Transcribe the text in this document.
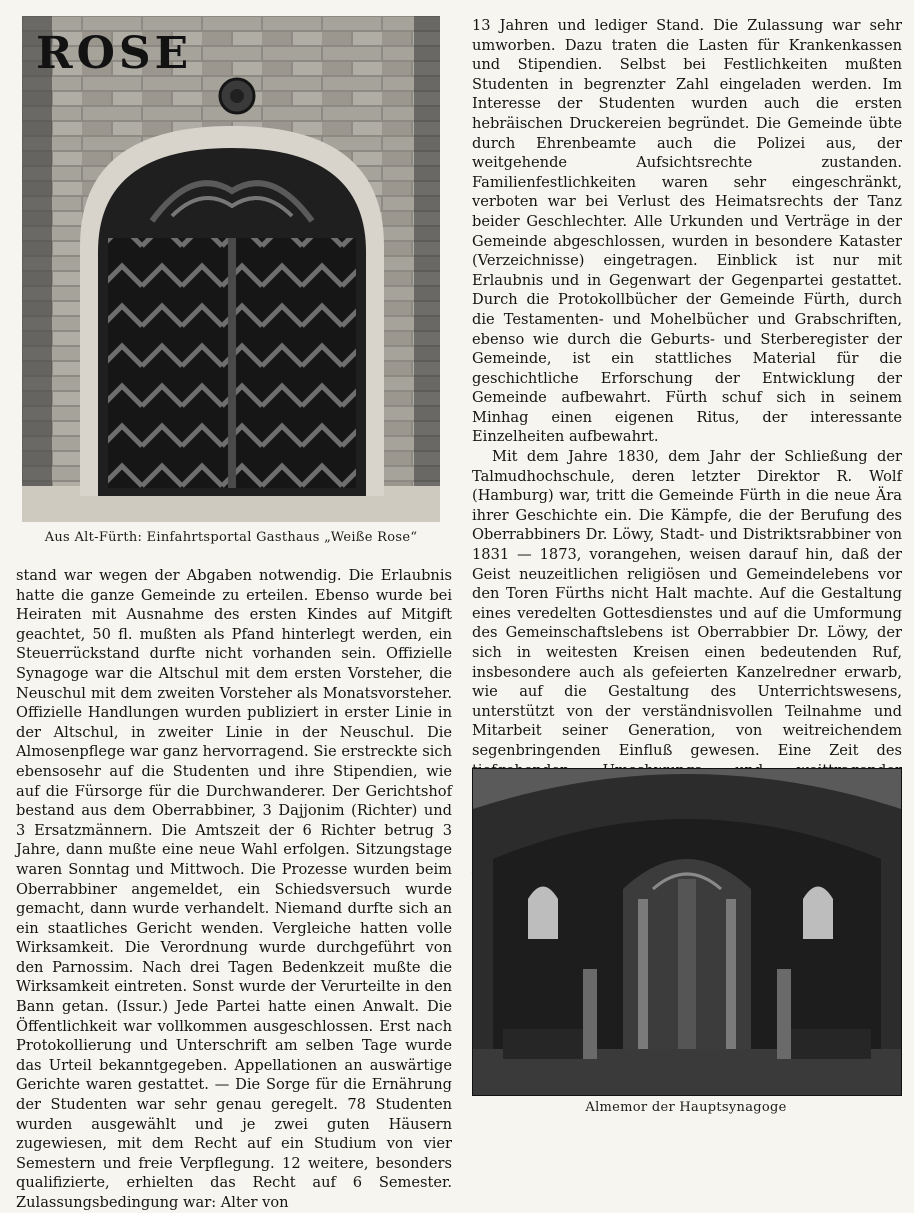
ROSE
Aus Alt-Fürth: Einfahrtsportal Gasthaus „Weiße Rose“

stand war wegen der Abgaben notwendig. Die Erlaubnis hatte die ganze Gemeinde zu erteilen. Ebenso wurde bei Heiraten mit Ausnahme des ersten Kindes auf Mitgift geachtet, 50 fl. mußten als Pfand hinterlegt werden, ein Steuerrückstand durfte nicht vorhanden sein. Offizielle Synagoge war die Altschul mit dem ersten Vorsteher, die Neuschul mit dem zweiten Vorsteher als Monatsvorsteher. Offizielle Handlungen wurden publiziert in erster Linie in der Altschul, in zweiter Linie in der Neuschul. Die Almosenpflege war ganz hervorragend. Sie erstreckte sich ebensosehr auf die Studenten und ihre Stipendien, wie auf die Fürsorge für die Durchwanderer. Der Gerichtshof bestand aus dem Oberrabbiner, 3 Dajjonim (Richter) und 3 Ersatzmännern. Die Amtszeit der 6 Richter betrug 3 Jahre, dann mußte eine neue Wahl erfolgen. Sitzungstage waren Sonntag und Mittwoch. Die Prozesse wurden beim Oberrabbiner angemeldet, ein Schiedsversuch wurde gemacht, dann wurde verhandelt. Niemand durfte sich an ein staatliches Gericht wenden. Vergleiche hatten volle Wirksamkeit. Die Verordnung wurde durchgeführt von den Parnossim. Nach drei Tagen Bedenkzeit mußte die Wirksamkeit eintreten. Sonst wurde der Verurteilte in den Bann getan. (Issur.) Jede Partei hatte einen Anwalt. Die Öffentlichkeit war vollkommen ausgeschlossen. Erst nach Protokollierung und Unterschrift am selben Tage wurde das Urteil bekanntgegeben. Appellationen an auswärtige Gerichte waren gestattet. — Die Sorge für die Ernährung der Studenten war sehr genau geregelt. 78 Studenten wurden ausgewählt und je zwei guten Häusern zugewiesen, mit dem Recht auf ein Studium von vier Semestern und freie Verpflegung. 12 weitere, besonders qualifizierte, erhielten das Recht auf 6 Semester. Zulassungsbedingung war: Alter von

13 Jahren und lediger Stand. Die Zulassung war sehr umworben. Dazu traten die Lasten für Krankenkassen und Stipendien. Selbst bei Festlichkeiten mußten Studenten in begrenzter Zahl eingeladen werden. Im Interesse der Studenten wurden auch die ersten hebräischen Druckereien begründet. Die Gemeinde übte durch Ehrenbeamte auch die Polizei aus, der weitgehende Aufsichtsrechte zustanden. Familienfestlichkeiten waren sehr eingeschränkt, verboten war bei Verlust des Heimatsrechts der Tanz beider Geschlechter. Alle Urkunden und Verträge in der Gemeinde abgeschlossen, wurden in besondere Kataster (Verzeichnisse) eingetragen. Einblick ist nur mit Erlaubnis und in Gegenwart der Gegenpartei gestattet. Durch die Protokollbücher der Gemeinde Fürth, durch die Testamenten- und Mohelbücher und Grabschriften, ebenso wie durch die Geburts- und Sterberegister der Gemeinde, ist ein stattliches Material für die geschichtliche Erforschung der Entwicklung der Gemeinde aufbewahrt. Fürth schuf sich in seinem Minhag einen eigenen Ritus, der interessante Einzelheiten aufbewahrt.

Mit dem Jahre 1830, dem Jahr der Schließung der Talmudhochschule, deren letzter Direktor R. Wolf (Hamburg) war, tritt die Gemeinde Fürth in die neue Ära ihrer Geschichte ein. Die Kämpfe, die der Berufung des Oberrabbiners Dr. Löwy, Stadt- und Distriktsrabbiner von 1831 — 1873, vorangehen, weisen darauf hin, daß der Geist neuzeitlichen religiösen und Gemeindelebens vor den Toren Fürths nicht Halt machte. Auf die Gestaltung eines veredelten Gottesdienstes und auf die Umformung des Gemeinschaftslebens ist Oberrabbier Dr. Löwy, der sich in weitesten Kreisen einen bedeutenden Ruf, insbesondere auch als gefeierten Kanzelredner erwarb, wie auf die Gestaltung des Unterrichtswesens, unterstützt von der verständnisvollen Teilnahme und Mitarbeit seiner Generation, von weitreichendem segenbringenden Einfluß gewesen. Eine Zeit des

Almemor der Hauptsynagoge
